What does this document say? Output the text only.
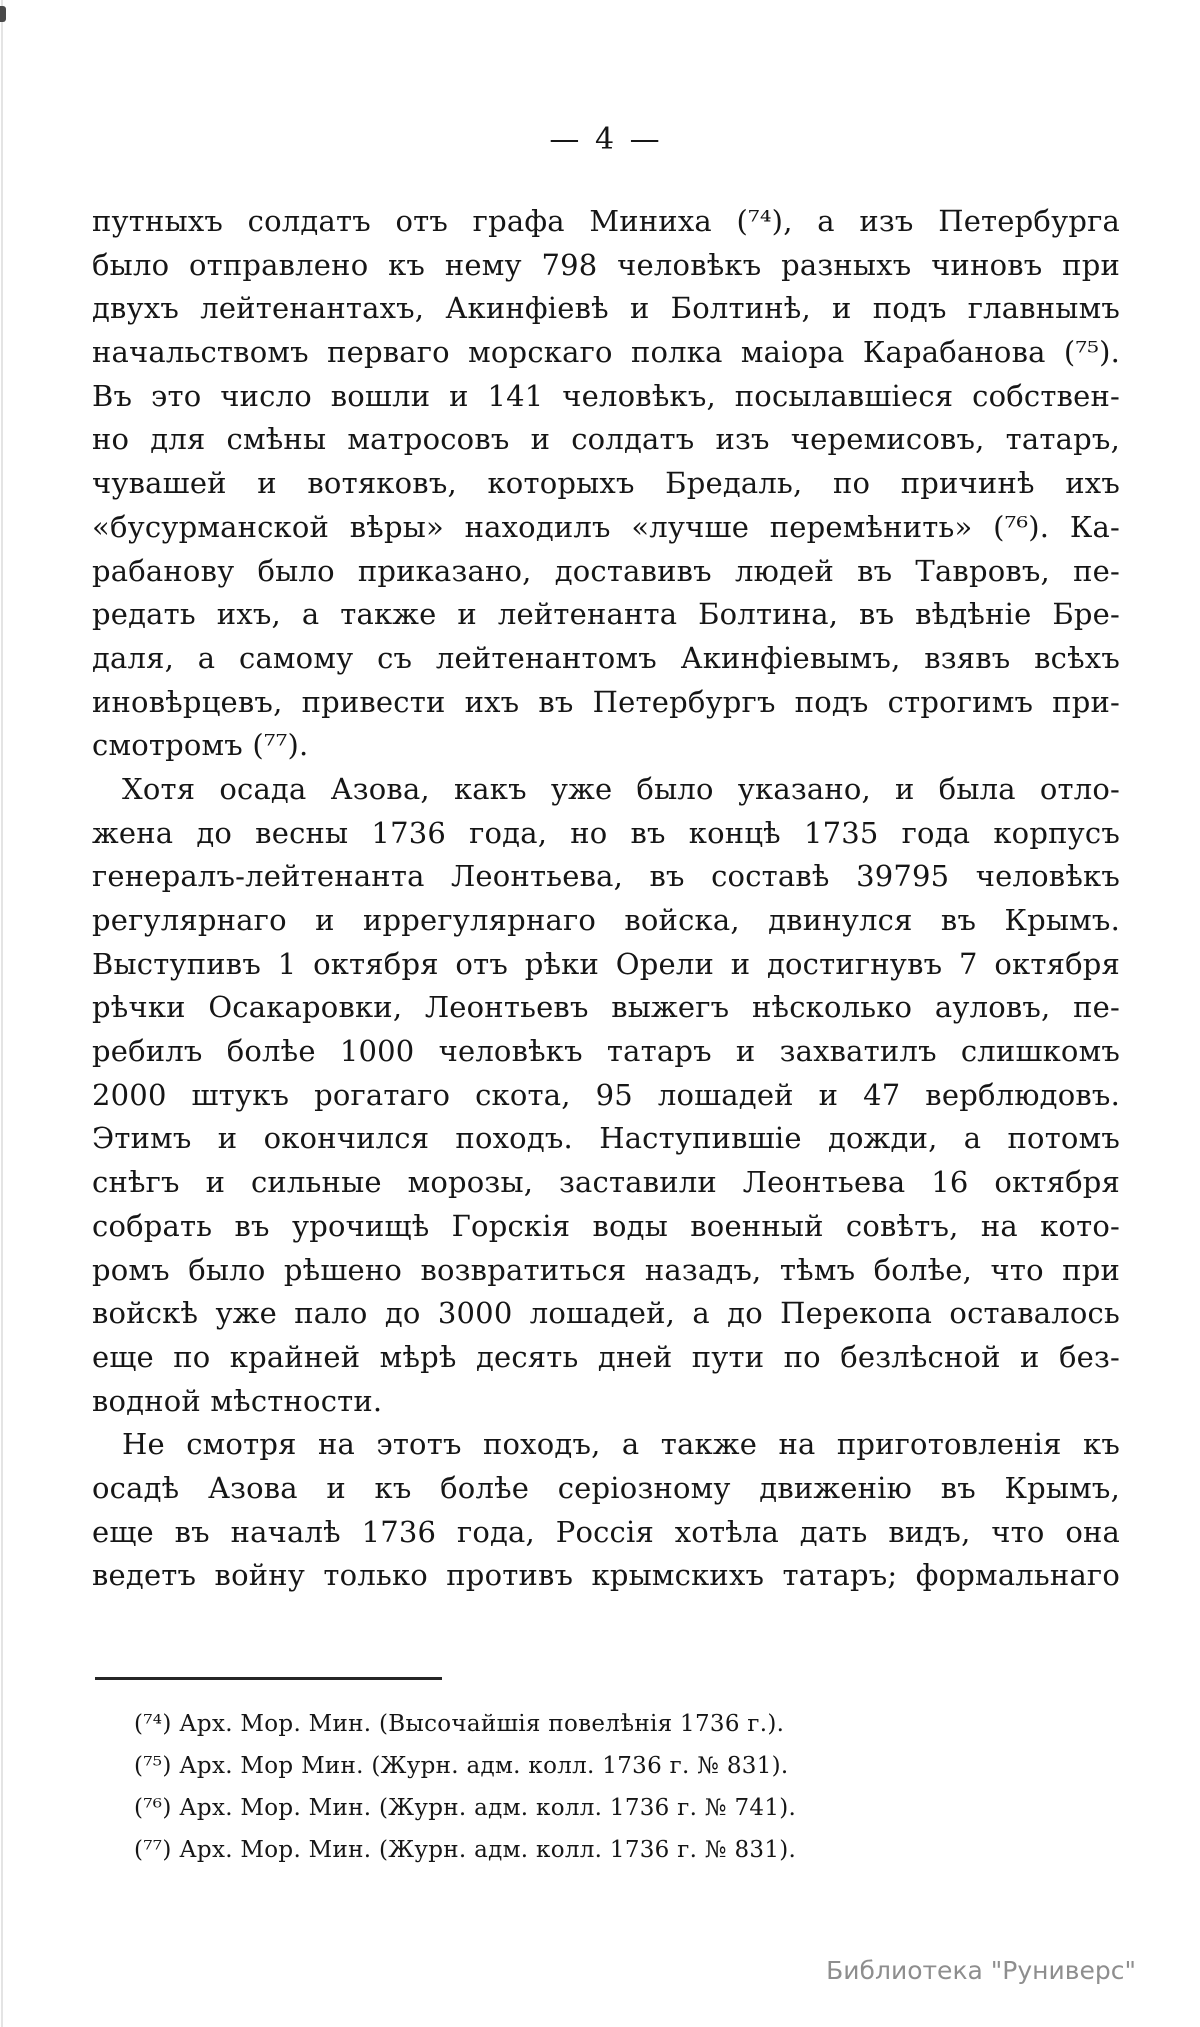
— 4 —
путныхъ солдатъ отъ графа Миниха (⁷⁴), а изъ Петербурга
было отправлено къ нему 798 человѣкъ разныхъ чиновъ при
двухъ лейтенантахъ, Акинфіевѣ и Болтинѣ, и подъ главнымъ
начальствомъ перваго морскаго полка маіора Карабанова (⁷⁵).
Въ это число вошли и 141 человѣкъ, посылавшіеся собствен-
но для смѣны матросовъ и солдатъ изъ черемисовъ, татаръ,
чувашей и вотяковъ, которыхъ Бредаль, по причинѣ ихъ
«бусурманской вѣры» находилъ «лучше перемѣнить» (⁷⁶). Ка-
рабанову было приказано, доставивъ людей въ Тавровъ, пе-
редать ихъ, а также и лейтенанта Болтина, въ вѣдѣніе Бре-
даля, а самому съ лейтенантомъ Акинфіевымъ, взявъ всѣхъ
иновѣрцевъ, привести ихъ въ Петербургъ подъ строгимъ при-
смотромъ (⁷⁷).
Хотя осада Азова, какъ уже было указано, и была отло-
жена до весны 1736 года, но въ концѣ 1735 года корпусъ
генералъ-лейтенанта Леонтьева, въ составѣ 39795 человѣкъ
регулярнаго и иррегулярнаго войска, двинулся въ Крымъ.
Выступивъ 1 октября отъ рѣки Орели и достигнувъ 7 октября
рѣчки Осакаровки, Леонтьевъ выжегъ нѣсколько ауловъ, пе-
ребилъ болѣе 1000 человѣкъ татаръ и захватилъ слишкомъ
2000 штукъ рогатаго скота, 95 лошадей и 47 верблюдовъ.
Этимъ и окончился походъ. Наступившіе дожди, а потомъ
снѣгъ и сильные морозы, заставили Леонтьева 16 октября
собрать въ урочищѣ Горскія воды военный совѣтъ, на кото-
ромъ было рѣшено возвратиться назадъ, тѣмъ болѣе, что при
войскѣ уже пало до 3000 лошадей, а до Перекопа оставалось
еще по крайней мѣрѣ десять дней пути по безлѣсной и без-
водной мѣстности.
Не смотря на этотъ походъ, а также на приготовленія къ
осадѣ Азова и къ болѣе серіозному движенію въ Крымъ,
еще въ началѣ 1736 года, Россія хотѣла дать видъ, что она
ведетъ войну только противъ крымскихъ татаръ; формальнаго
(⁷⁴) Арх. Мор. Мин. (Высочайшія повелѣнія 1736 г.).
(⁷⁵) Арх. Мор Мин. (Журн. адм. колл. 1736 г. № 831).
(⁷⁶) Арх. Мор. Мин. (Журн. адм. колл. 1736 г. № 741).
(⁷⁷) Арх. Мор. Мин. (Журн. адм. колл. 1736 г. № 831).
Библиотека "Руниверс"
